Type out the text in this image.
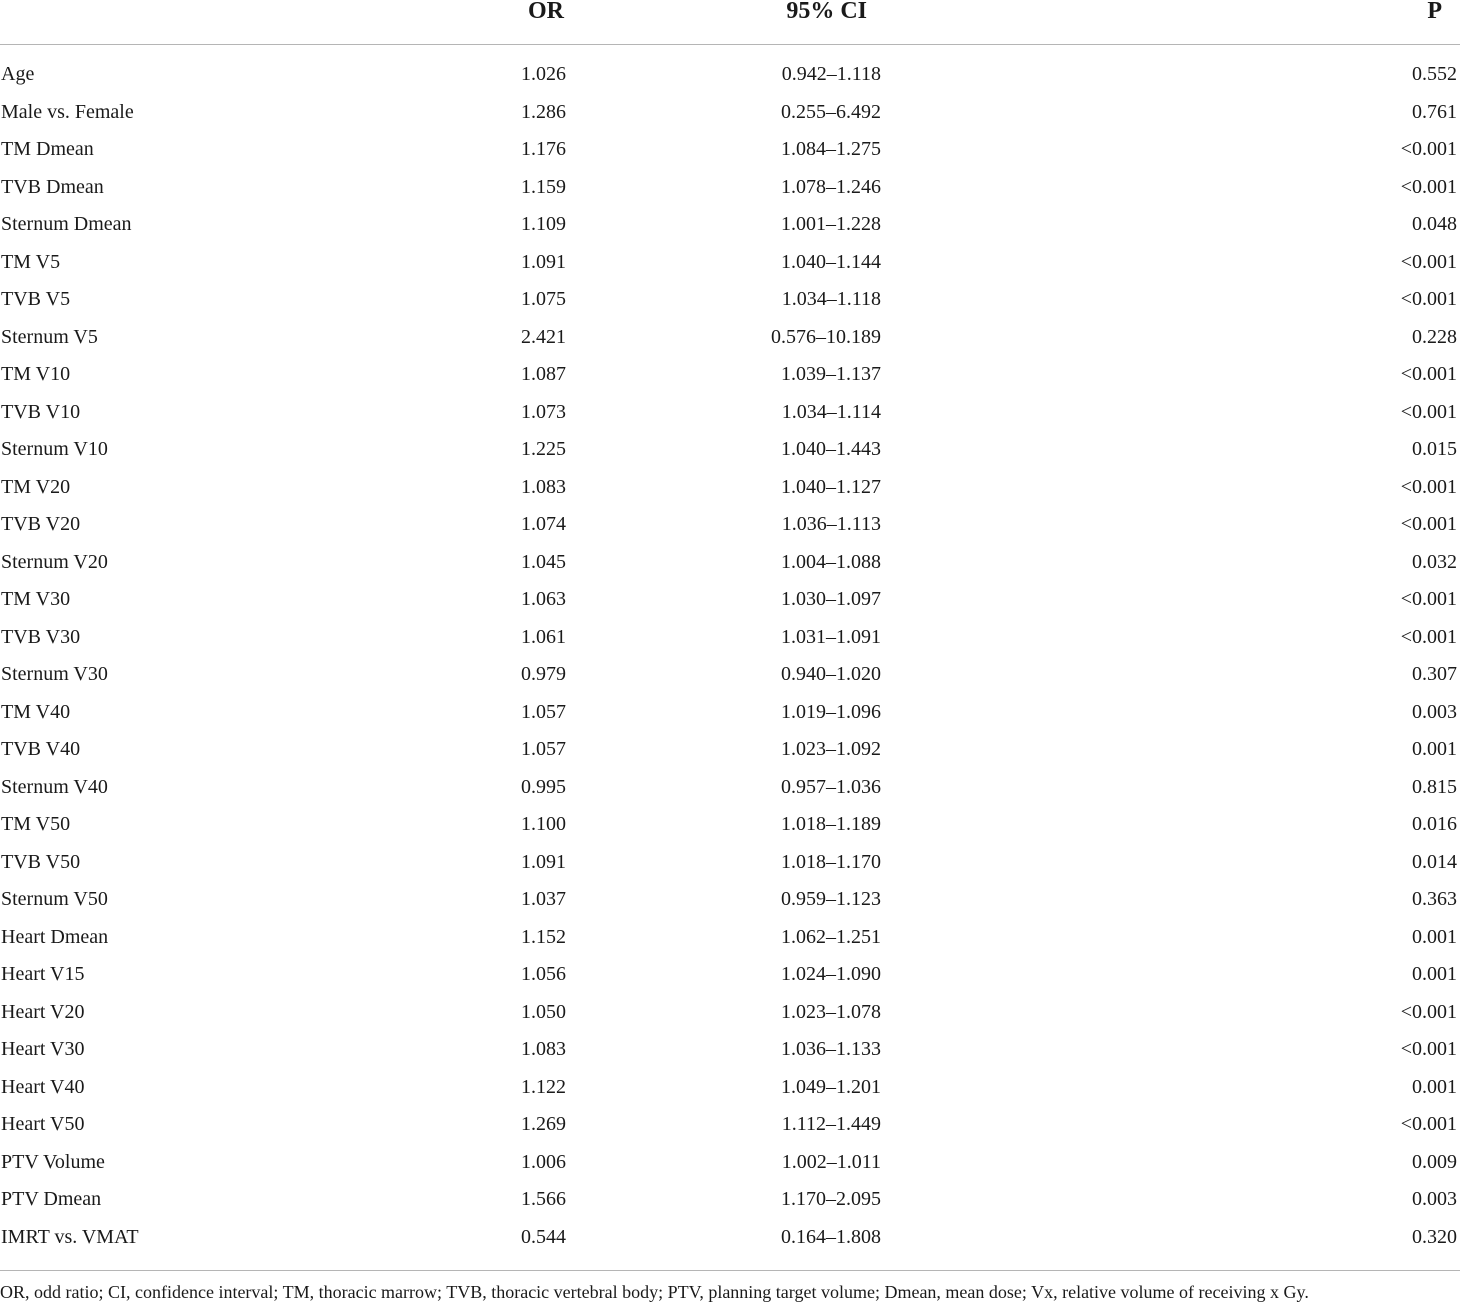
	OR	95% CI	P
Age	1.026	0.942–1.118	0.552
Male vs. Female	1.286	0.255–6.492	0.761
TM Dmean	1.176	1.084–1.275	<0.001
TVB Dmean	1.159	1.078–1.246	<0.001
Sternum Dmean	1.109	1.001–1.228	0.048
TM V5	1.091	1.040–1.144	<0.001
TVB V5	1.075	1.034–1.118	<0.001
Sternum V5	2.421	0.576–10.189	0.228
TM V10	1.087	1.039–1.137	<0.001
TVB V10	1.073	1.034–1.114	<0.001
Sternum V10	1.225	1.040–1.443	0.015
TM V20	1.083	1.040–1.127	<0.001
TVB V20	1.074	1.036–1.113	<0.001
Sternum V20	1.045	1.004–1.088	0.032
TM V30	1.063	1.030–1.097	<0.001
TVB V30	1.061	1.031–1.091	<0.001
Sternum V30	0.979	0.940–1.020	0.307
TM V40	1.057	1.019–1.096	0.003
TVB V40	1.057	1.023–1.092	0.001
Sternum V40	0.995	0.957–1.036	0.815
TM V50	1.100	1.018–1.189	0.016
TVB V50	1.091	1.018–1.170	0.014
Sternum V50	1.037	0.959–1.123	0.363
Heart Dmean	1.152	1.062–1.251	0.001
Heart V15	1.056	1.024–1.090	0.001
Heart V20	1.050	1.023–1.078	<0.001
Heart V30	1.083	1.036–1.133	<0.001
Heart V40	1.122	1.049–1.201	0.001
Heart V50	1.269	1.112–1.449	<0.001
PTV Volume	1.006	1.002–1.011	0.009
PTV Dmean	1.566	1.170–2.095	0.003
IMRT vs. VMAT	0.544	0.164–1.808	0.320
OR, odd ratio; CI, confidence interval; TM, thoracic marrow; TVB, thoracic vertebral body; PTV, planning target volume; Dmean, mean dose; Vx, relative volume of receiving x Gy.
